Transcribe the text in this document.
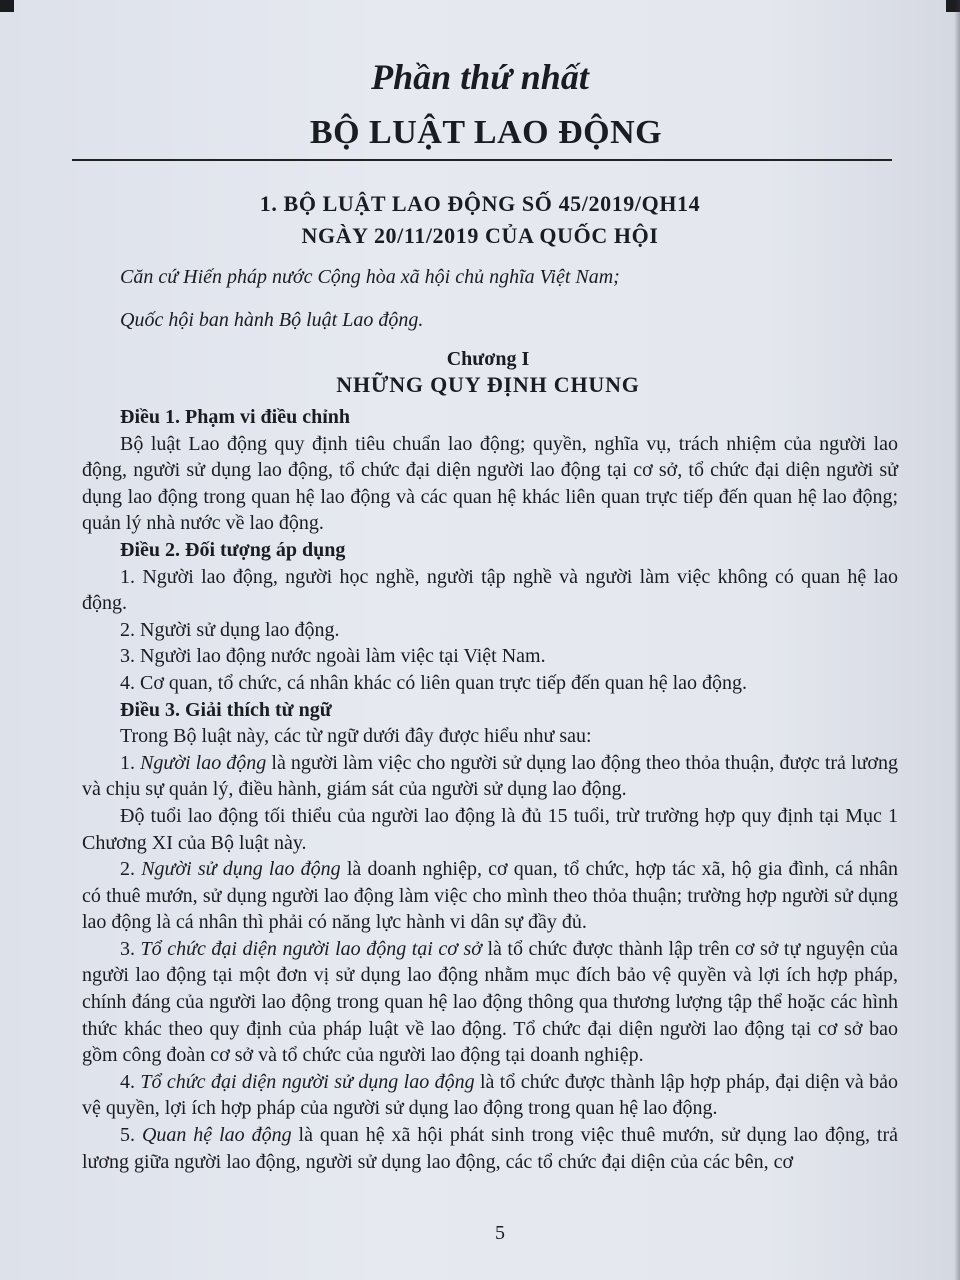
Phần thứ nhất
BỘ LUẬT LAO ĐỘNG
1. BỘ LUẬT LAO ĐỘNG SỐ 45/2019/QH14
NGÀY 20/11/2019 CỦA QUỐC HỘI
Căn cứ Hiến pháp nước Cộng hòa xã hội chủ nghĩa Việt Nam;
Quốc hội ban hành Bộ luật Lao động.
Chương I
NHỮNG QUY ĐỊNH CHUNG

Điều 1. Phạm vi điều chỉnh

Bộ luật Lao động quy định tiêu chuẩn lao động; quyền, nghĩa vụ, trách nhiệm của người lao động, người sử dụng lao động, tổ chức đại diện người lao động tại cơ sở, tổ chức đại diện người sử dụng lao động trong quan hệ lao động và các quan hệ khác liên quan trực tiếp đến quan hệ lao động; quản lý nhà nước về lao động.

Điều 2. Đối tượng áp dụng

1. Người lao động, người học nghề, người tập nghề và người làm việc không có quan hệ lao động.

2. Người sử dụng lao động.

3. Người lao động nước ngoài làm việc tại Việt Nam.

4. Cơ quan, tổ chức, cá nhân khác có liên quan trực tiếp đến quan hệ lao động.

Điều 3. Giải thích từ ngữ

Trong Bộ luật này, các từ ngữ dưới đây được hiểu như sau:

1. Người lao động là người làm việc cho người sử dụng lao động theo thỏa thuận, được trả lương và chịu sự quản lý, điều hành, giám sát của người sử dụng lao động.

Độ tuổi lao động tối thiểu của người lao động là đủ 15 tuổi, trừ trường hợp quy định tại Mục 1 Chương XI của Bộ luật này.

2. Người sử dụng lao động là doanh nghiệp, cơ quan, tổ chức, hợp tác xã, hộ gia đình, cá nhân có thuê mướn, sử dụng người lao động làm việc cho mình theo thỏa thuận; trường hợp người sử dụng lao động là cá nhân thì phải có năng lực hành vi dân sự đầy đủ.

3. Tổ chức đại diện người lao động tại cơ sở là tổ chức được thành lập trên cơ sở tự nguyện của người lao động tại một đơn vị sử dụng lao động nhằm mục đích bảo vệ quyền và lợi ích hợp pháp, chính đáng của người lao động trong quan hệ lao động thông qua thương lượng tập thể hoặc các hình thức khác theo quy định của pháp luật về lao động. Tổ chức đại diện người lao động tại cơ sở bao gồm công đoàn cơ sở và tổ chức của người lao động tại doanh nghiệp.

4. Tổ chức đại diện người sử dụng lao động là tổ chức được thành lập hợp pháp, đại diện và bảo vệ quyền, lợi ích hợp pháp của người sử dụng lao động trong quan hệ lao động.

5. Quan hệ lao động là quan hệ xã hội phát sinh trong việc thuê mướn, sử dụng lao động, trả lương giữa người lao động, người sử dụng lao động, các tổ chức đại diện của các bên, cơ

5
